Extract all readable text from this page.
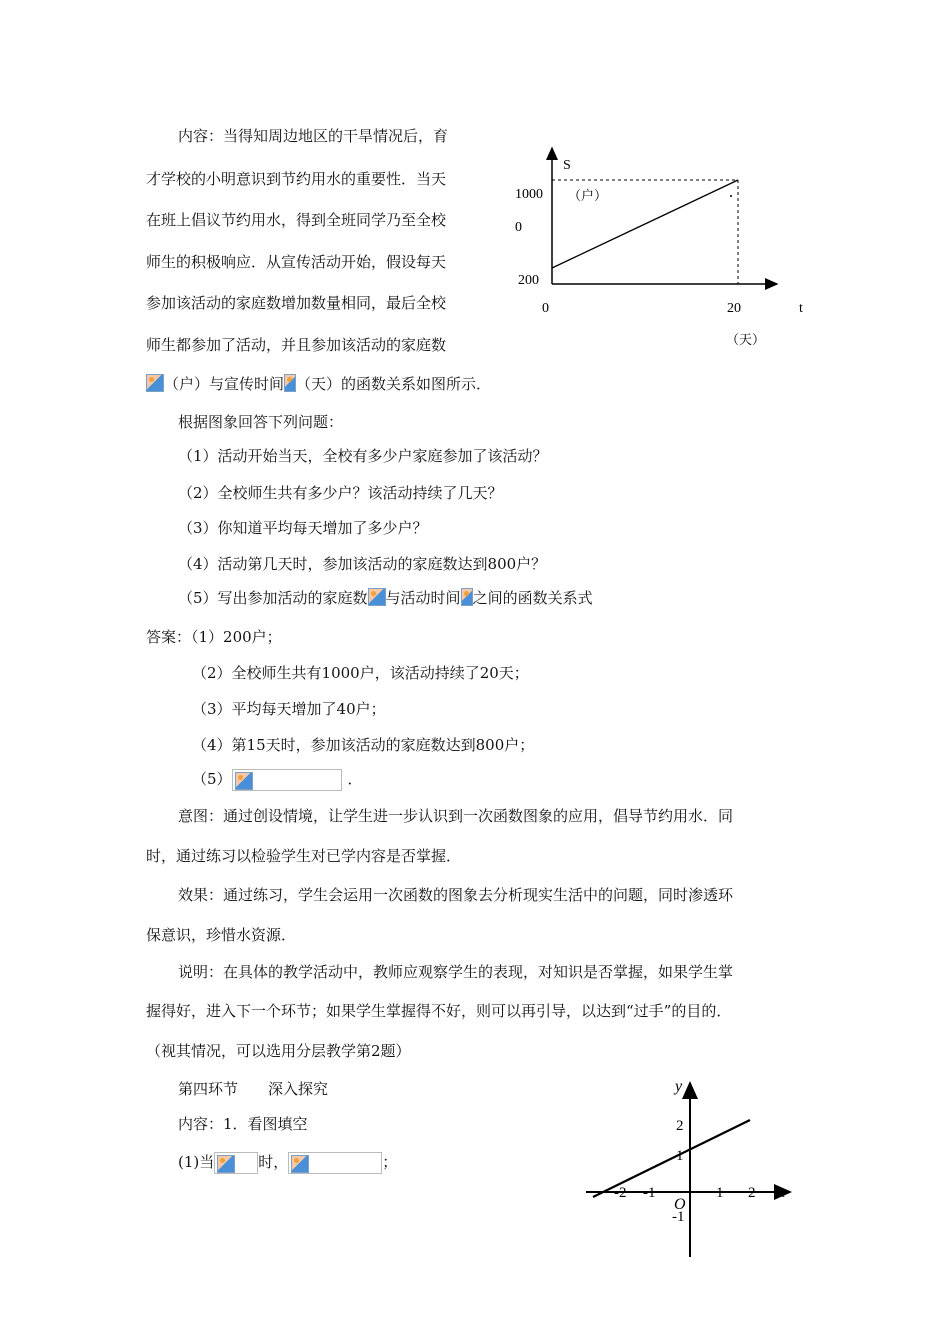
内容：当得知周边地区的干旱情况后，育
才学校的小明意识到节约用水的重要性．当天
在班上倡议节约用水，得到全班同学乃至全校
师生的积极响应．从宣传活动开始，假设每天
参加该活动的家庭数增加数量相同，最后全校
师生都参加了活动，并且参加该活动的家庭数
（户）与宣传时间 （天）的函数关系如图所示．
根据图象回答下列问题：
S
（户）
1000
0
200
0	20	t
（天）
（1）活动开始当天，全校有多少户家庭参加了该活动？
（2）全校师生共有多少户？该活动持续了几天？
（3）你知道平均每天增加了多少户？
（4）活动第几天时，参加该活动的家庭数达到800户？
（5）写出参加活动的家庭数 与活动时间 之间的函数关系式
答案：（1）200户；
（2）全校师生共有1000户，该活动持续了20天；
（3）平均每天增加了40户；
（4）第15天时，参加该活动的家庭数达到800户；
（5）	．
意图：通过创设情境，让学生进一步认识到一次函数图象的应用，倡导节约用水．同
时，通过练习以检验学生对已学内容是否掌握．
效果：通过练习，学生会运用一次函数的图象去分析现实生活中的问题，同时渗透环
保意识，珍惜水资源．
说明：在具体的教学活动中，教师应观察学生的表现，对知识是否掌握，如果学生掌
握得好，进入下一个环节；如果学生掌握得不好，则可以再引导，以达到“过手”的目的．
（视其情况，可以选用分层教学第2题）
第四环节　　深入探究
内容：1．看图填空
(1)当	时，	；
y
x
O
-2 -1	1 2
2
1
-1
